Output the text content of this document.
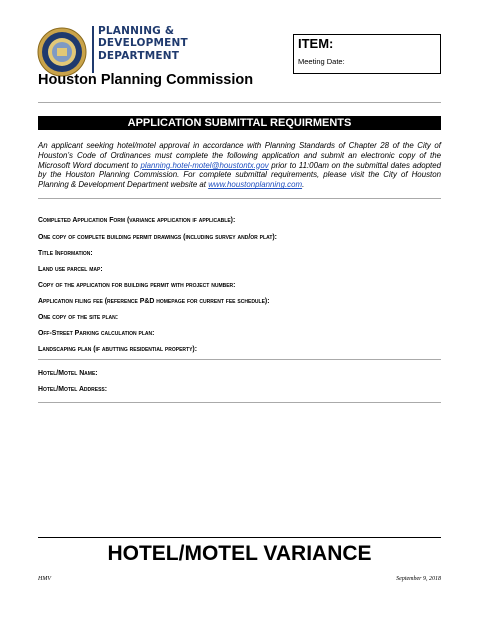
PLANNING &
DEVELOPMENT
DEPARTMENT
Houston Planning Commission
ITEM:
Meeting Date:
APPLICATION SUBMITTAL REQUIRMENTS
An applicant seeking hotel/motel approval in accordance with Planning Standards of Chapter 28 of the City of Houston’s Code of Ordinances must complete the following application and submit an electronic copy of the Microsoft Word document to planning.hotel-motel@houstontx.gov prior to 11:00am on the submittal dates adopted by the Houston Planning Commission. For complete submittal requirements, please visit the City of Houston Planning & Development Department website at www.houstonplanning.com.
Completed Application Form (variance application if applicable):
One copy of complete building permit drawings (including survey and/or plat):
Title Information:
Land use parcel map:
Copy of the application for building permit with project number:
Application filing fee (reference P&D homepage for current fee schedule):
One copy of the site plan:
Off-Street Parking calculation plan:
Landscaping plan (if abutting residential property):
Hotel/Motel Name:
Hotel/Motel Address:
HOTEL/MOTEL VARIANCE
HMV	September 9, 2018
